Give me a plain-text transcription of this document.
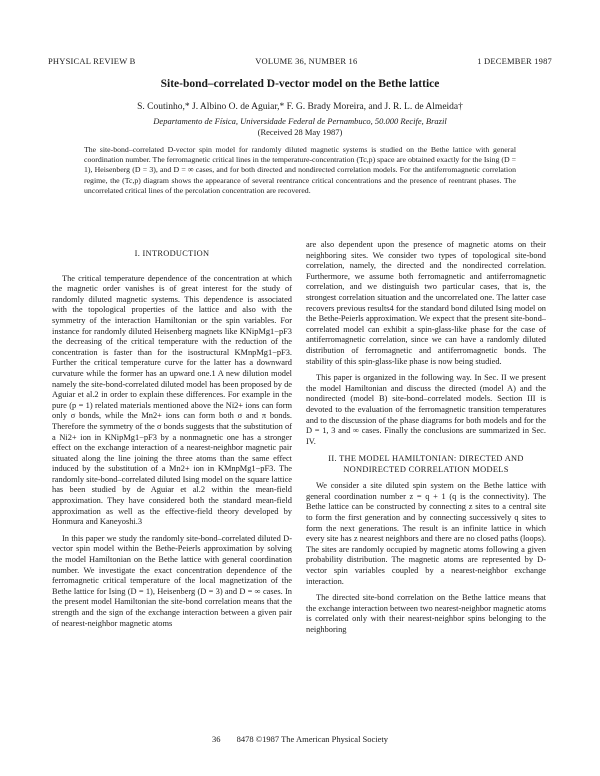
PHYSICAL REVIEW B	VOLUME 36, NUMBER 16	1 DECEMBER 1987
Site-bond–correlated D-vector model on the Bethe lattice
S. Coutinho,* J. Albino O. de Aguiar,* F. G. Brady Moreira, and J. R. L. de Almeida†
Departamento de Física, Universidade Federal de Pernambuco, 50.000 Recife, Brazil
(Received 28 May 1987)
The site-bond–correlated D-vector spin model for randomly diluted magnetic systems is studied on the Bethe lattice with general coordination number. The ferromagnetic critical lines in the temperature-concentration (Tc,p) space are obtained exactly for the Ising (D = 1), Heisenberg (D = 3), and D = ∞ cases, and for both directed and nondirected correlation models. For the antiferromagnetic correlation regime, the (Tc,p) diagram shows the appearance of several reentrance critical concentrations and the presence of reentrant phases. The uncorrelated critical lines of the percolation concentration are recovered.
I. INTRODUCTION

The critical temperature dependence of the concentration at which the magnetic order vanishes is of great interest for the study of randomly diluted magnetic systems. This dependence is associated with the topological properties of the lattice and also with the symmetry of the interaction Hamiltonian or the spin variables. For instance for randomly diluted Heisenberg magnets like KNipMg1−pF3 the decreasing of the critical temperature with the reduction of the concentration is faster than for the isostructural KMnpMg1−pF3. Further the critical temperature curve for the latter has a downward curvature while the former has an upward one.1 A new dilution model namely the site-bond-correlated diluted model has been proposed by de Aguiar et al.2 in order to explain these differences. For example in the pure (p = 1) related materials mentioned above the Ni2+ ions can form only σ bonds, while the Mn2+ ions can form both σ and π bonds. Therefore the symmetry of the σ bonds suggests that the substitution of a Ni2+ ion in KNipMg1−pF3 by a nonmagnetic one has a stronger effect on the exchange interaction of a nearest-neighbor magnetic pair situated along the line joining the three atoms than the same effect induced by the substitution of a Mn2+ ion in KMnpMg1−pF3. The randomly site-bond–correlated diluted Ising model on the square lattice has been studied by de Aguiar et al.2 within the mean-field approximation. They have considered both the standard mean-field approximation as well as the effective-field theory developed by Honmura and Kaneyoshi.3

In this paper we study the randomly site-bond–correlated diluted D-vector spin model within the Bethe-Peierls approximation by solving the model Hamiltonian on the Bethe lattice with general coordination number. We investigate the exact concentration dependence of the ferromagnetic critical temperature of the local magnetization of the Bethe lattice for Ising (D = 1), Heisenberg (D = 3) and D = ∞ cases. In the present model Hamiltonian the site-bond correlation means that the strength and the sign of the exchange interaction between a given pair of nearest-neighbor magnetic atoms

are also dependent upon the presence of magnetic atoms on their neighboring sites. We consider two types of topological site-bond correlation, namely, the directed and the nondirected correlation. Furthermore, we assume both ferromagnetic and antiferromagnetic correlation, and we distinguish two particular cases, that is, the strongest correlation situation and the uncorrelated one. The latter case recovers previous results4 for the standard bond diluted Ising model on the Bethe-Peierls approximation. We expect that the present site-bond–correlated model can exhibit a spin-glass-like phase for the case of antiferromagnetic correlation, since we can have a randomly diluted distribution of ferromagnetic and antiferromagnetic bonds. The stability of this spin-glass-like phase is now being studied.

This paper is organized in the following way. In Sec. II we present the model Hamiltonian and discuss the directed (model A) and the nondirected (model B) site-bond–correlated models. Section III is devoted to the evaluation of the ferromagnetic transition temperatures and to the discussion of the phase diagrams for both models and for the D = 1, 3 and ∞ cases. Finally the conclusions are summarized in Sec. IV.

II. THE MODEL HAMILTONIAN: DIRECTED AND
NONDIRECTED CORRELATION MODELS

We consider a site diluted spin system on the Bethe lattice with general coordination number z = q + 1 (q is the connectivity). The Bethe lattice can be constructed by connecting z sites to a central site to form the first generation and by connecting successively q sites to form the next generations. The result is an infinite lattice in which every site has z nearest neighbors and there are no closed paths (loops). The sites are randomly occupied by magnetic atoms following a given probability distribution. The magnetic atoms are represented by D-vector spin variables coupled by a nearest-neighbor exchange interaction.

The directed site-bond correlation on the Bethe lattice means that the exchange interaction between two nearest-neighbor magnetic atoms is correlated only with their nearest-neighbor spins belonging to the neighboring

36 8478 ©1987 The American Physical Society
